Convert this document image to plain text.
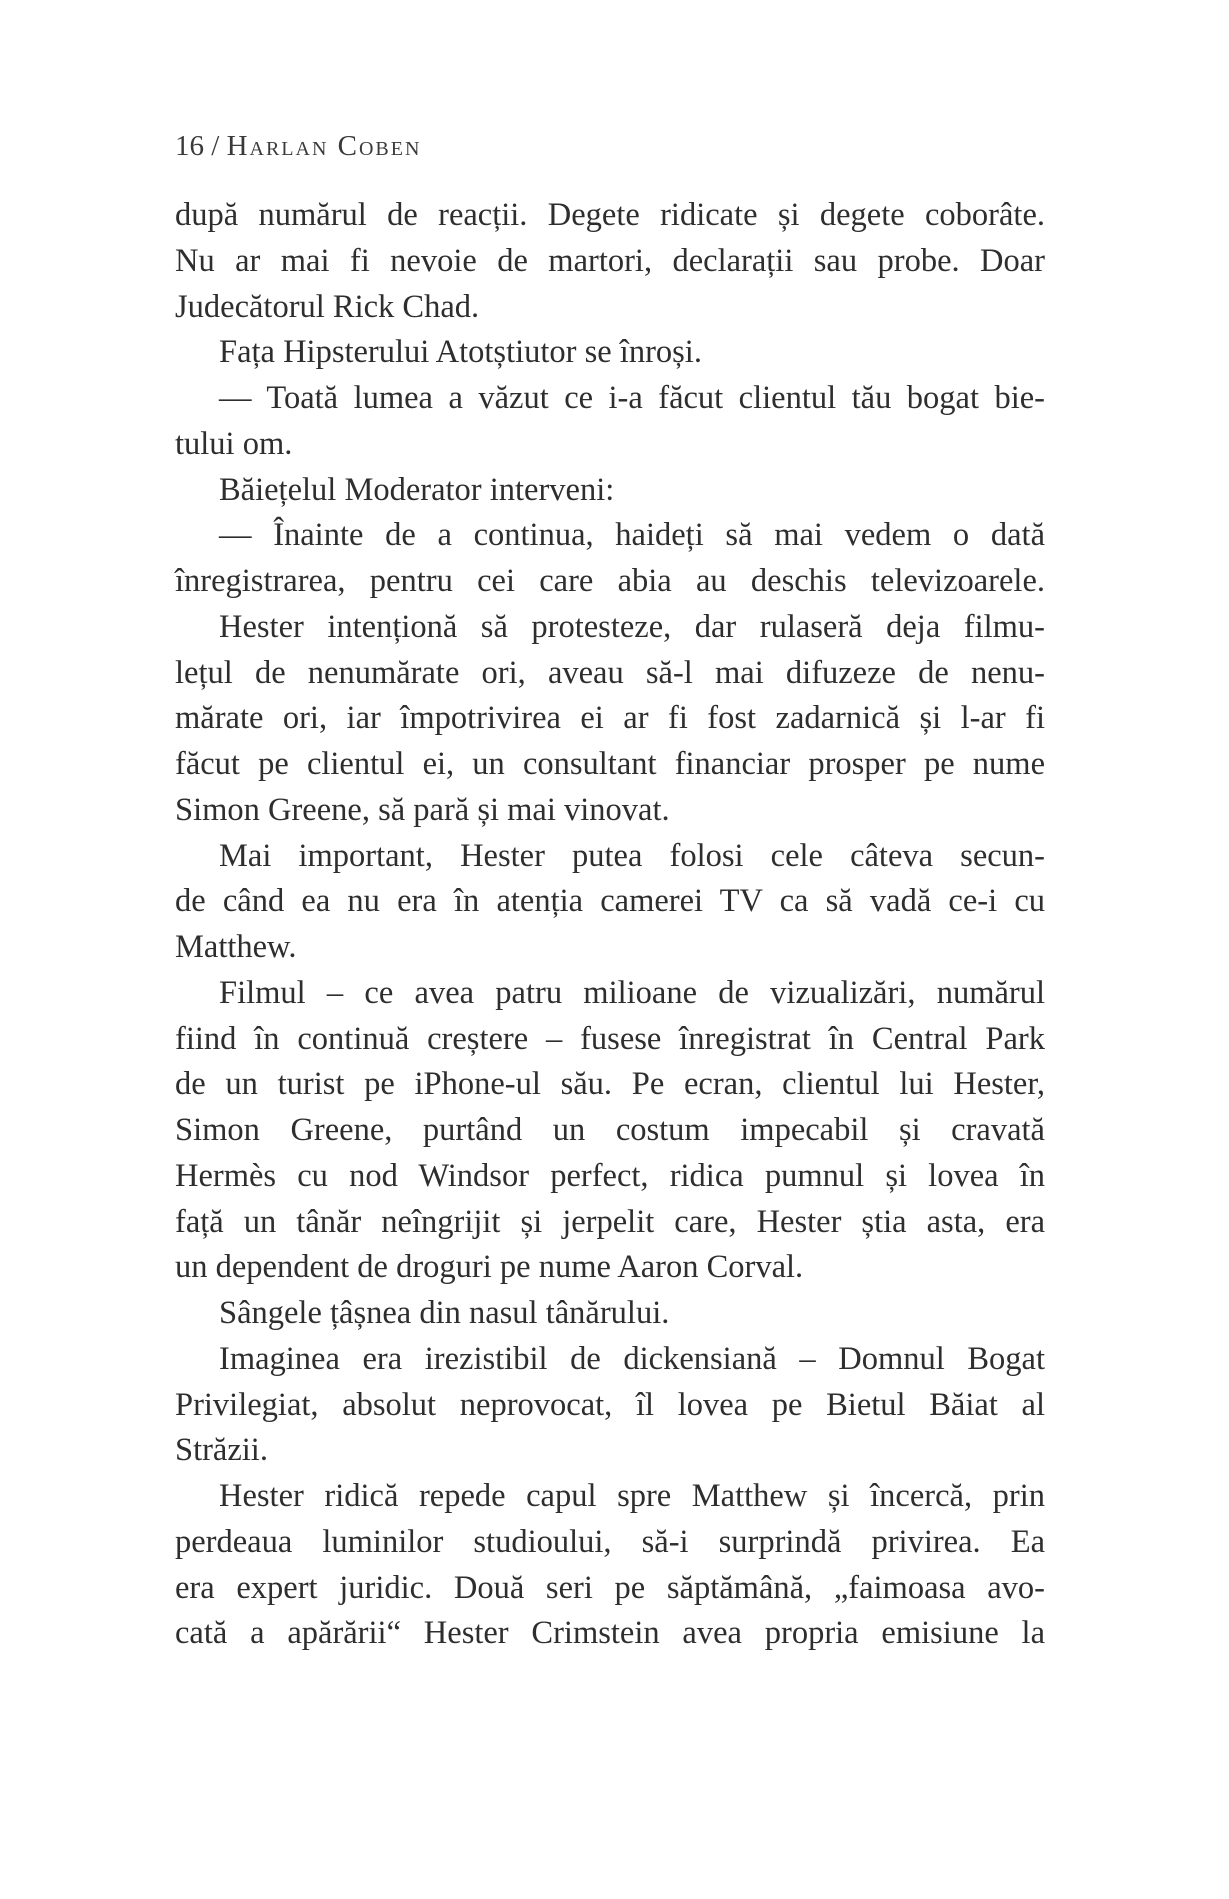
16 / Harlan Coben
după numărul de reacții. Degete ridicate și degete coborâte.
Nu ar mai fi nevoie de martori, declarații sau probe. Doar
Judecătorul Rick Chad.
Fața Hipsterului Atotștiutor se înroși.
— Toată lumea a văzut ce i-a făcut clientul tău bogat bie-
tului om.
Băiețelul Moderator interveni:
— Înainte de a continua, haideți să mai vedem o dată
înregistrarea, pentru cei care abia au deschis televizoarele.
Hester intenționă să protesteze, dar rulaseră deja filmu-
lețul de nenumărate ori, aveau să-l mai difuzeze de nenu-
mărate ori, iar împotrivirea ei ar fi fost zadarnică și l-ar fi
făcut pe clientul ei, un consultant financiar prosper pe nume
Simon Greene, să pară și mai vinovat.
Mai important, Hester putea folosi cele câteva secun-
de când ea nu era în atenția camerei TV ca să vadă ce-i cu
Matthew.
Filmul – ce avea patru milioane de vizualizări, numărul
fiind în continuă creștere – fusese înregistrat în Central Park
de un turist pe iPhone-ul său. Pe ecran, clientul lui Hester,
Simon Greene, purtând un costum impecabil și cravată
Hermès cu nod Windsor perfect, ridica pumnul și lovea în
față un tânăr neîngrijit și jerpelit care, Hester știa asta, era
un dependent de droguri pe nume Aaron Corval.
Sângele țâșnea din nasul tânărului.
Imaginea era irezistibil de dickensiană – Domnul Bogat
Privilegiat, absolut neprovocat, îl lovea pe Bietul Băiat al
Străzii.
Hester ridică repede capul spre Matthew și încercă, prin
perdeaua luminilor studioului, să-i surprindă privirea. Ea
era expert juridic. Două seri pe săptămână, „faimoasa avo-
cată a apărării“ Hester Crimstein avea propria emisiune la
